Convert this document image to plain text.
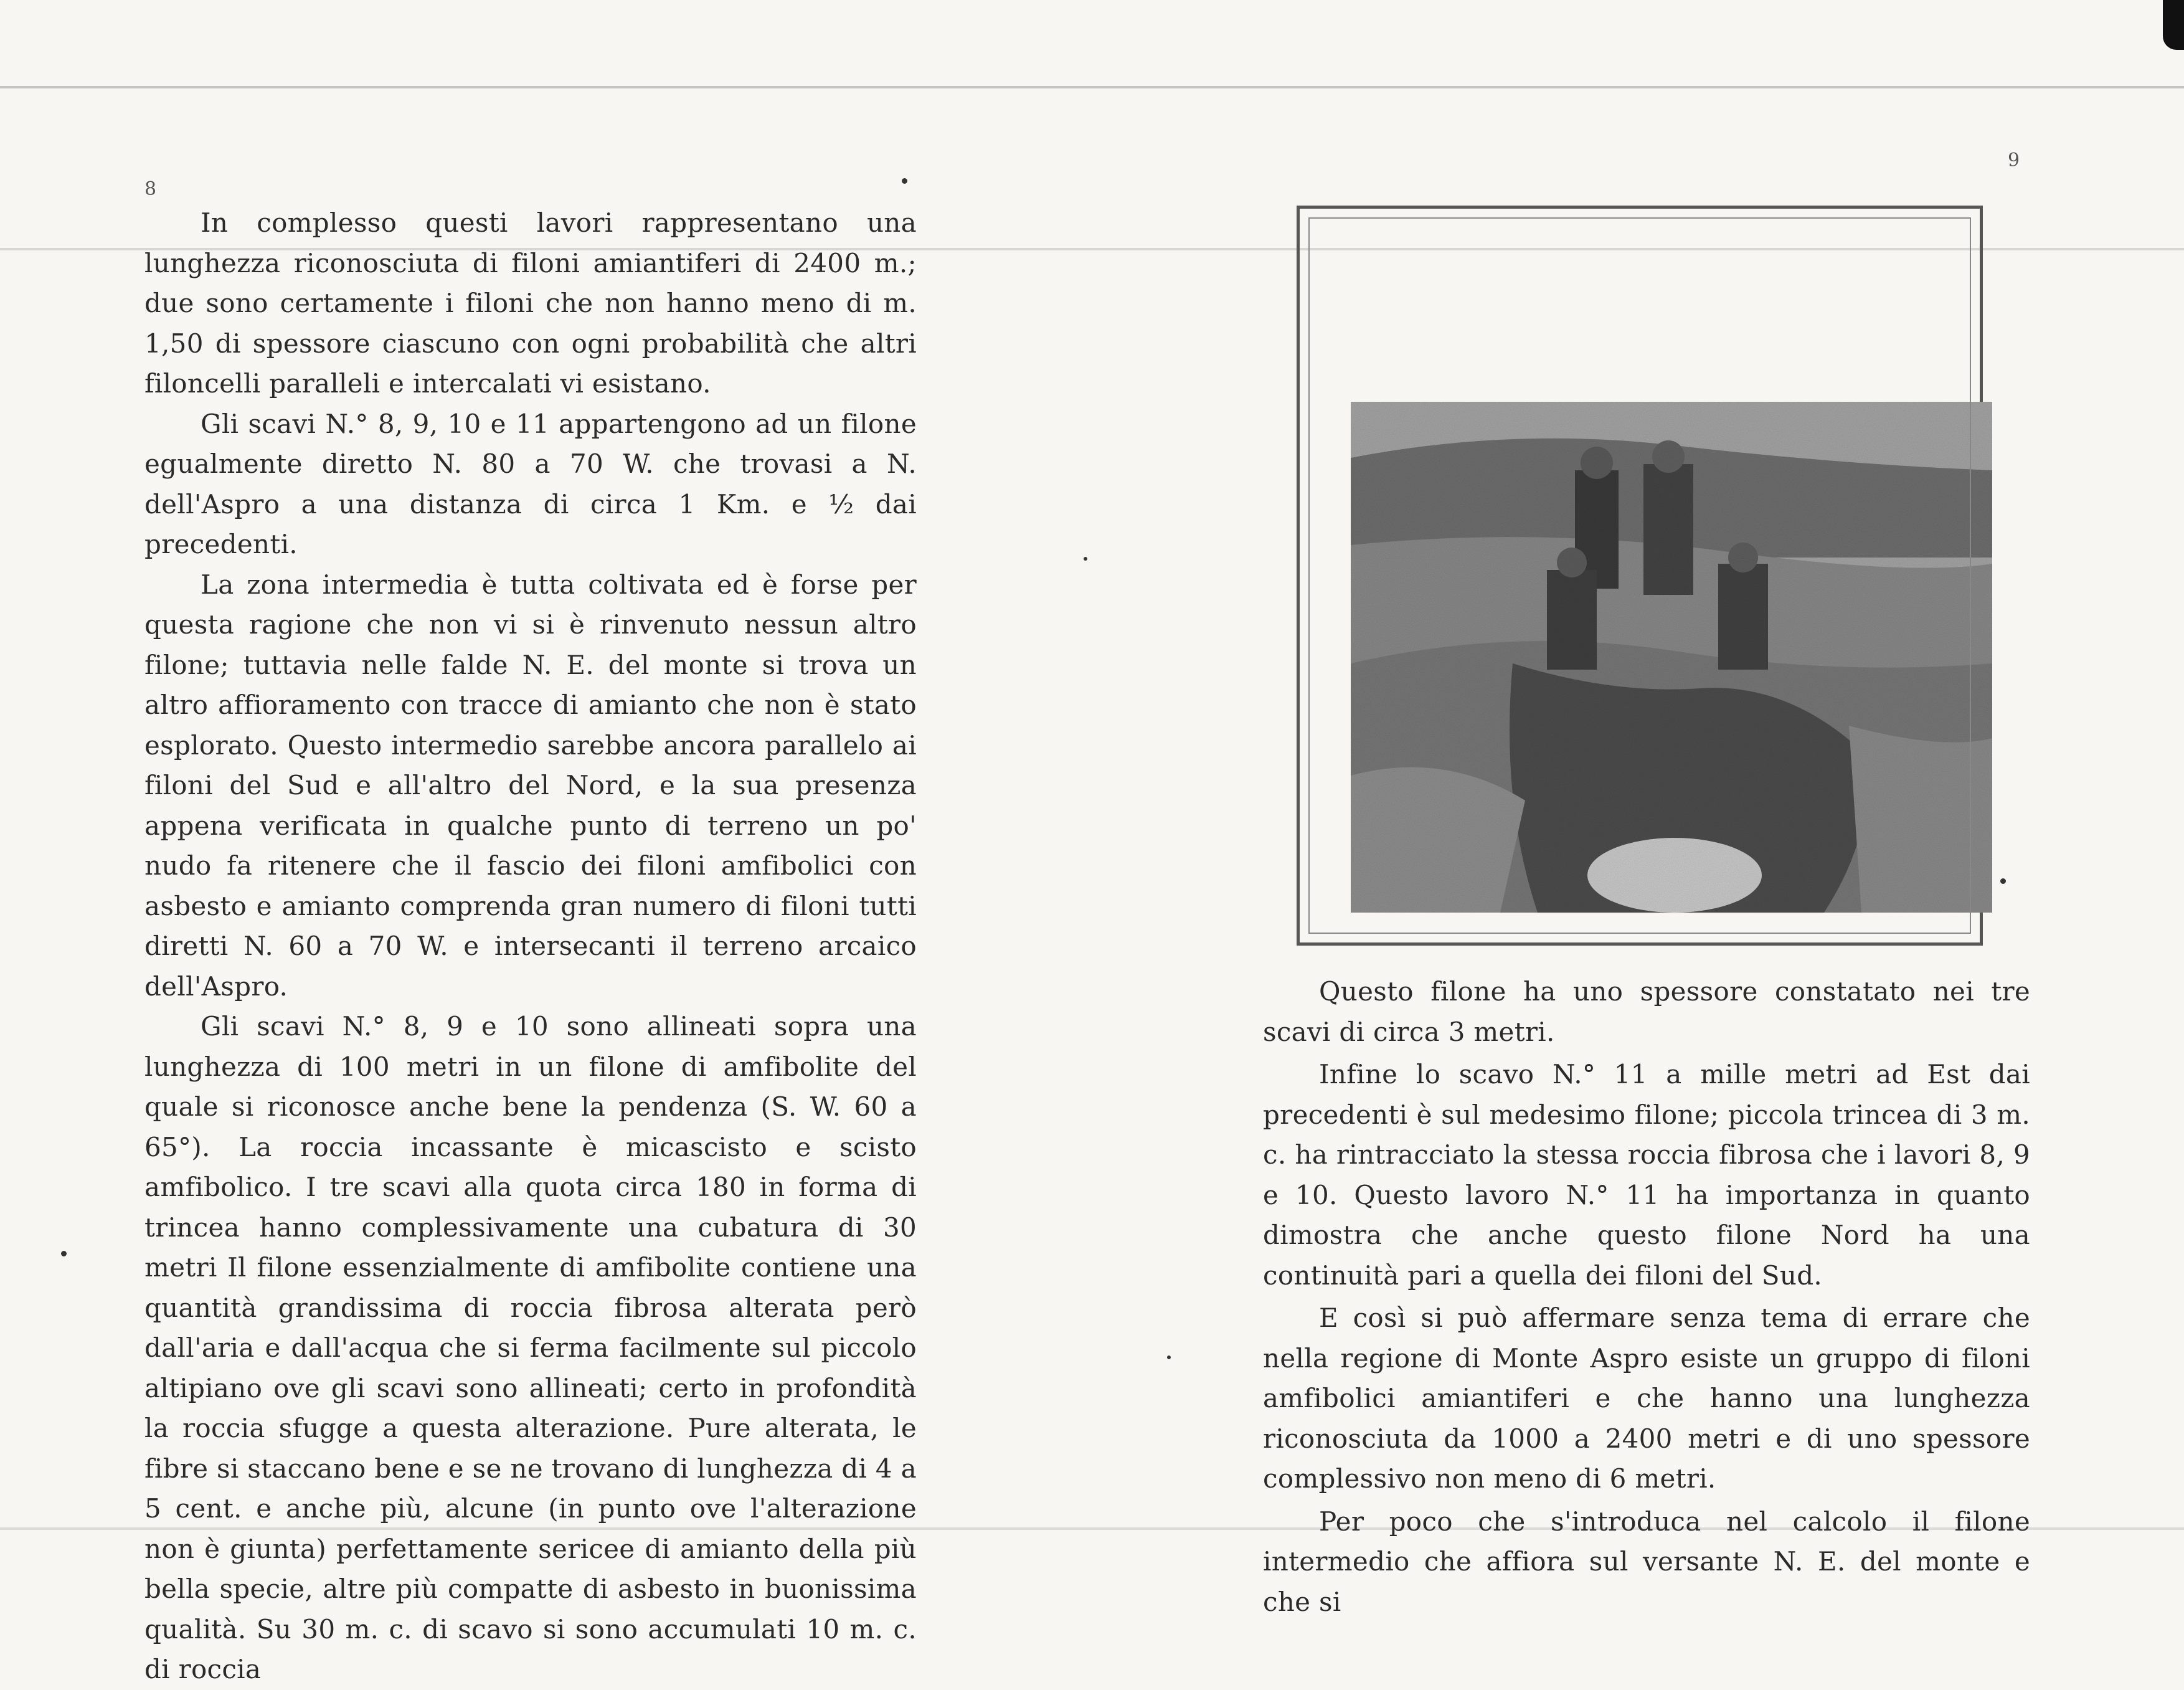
8

In complesso questi lavori rappresentano una lunghezza riconosciuta di filoni amiantiferi di 2400 m.; due sono certamente i filoni che non hanno meno di m. 1,50 di spessore ciascuno con ogni probabilità che altri filoncelli paralleli e intercalati vi esistano.

Gli scavi N.° 8, 9, 10 e 11 appartengono ad un filone egualmente diretto N. 80 a 70 W. che trovasi a N. dell'Aspro a una distanza di circa 1 Km. e ½ dai precedenti.

La zona intermedia è tutta coltivata ed è forse per questa ragione che non vi si è rinvenuto nessun altro filone; tuttavia nelle falde N. E. del monte si trova un altro affioramento con tracce di amianto che non è stato esplorato. Questo intermedio sarebbe ancora parallelo ai filoni del Sud e all'altro del Nord, e la sua presenza appena verificata in qualche punto di terreno un po' nudo fa ritenere che il fascio dei filoni amfibolici con asbesto e amianto comprenda gran numero di filoni tutti diretti N. 60 a 70 W. e intersecanti il terreno arcaico dell'Aspro.

Gli scavi N.° 8, 9 e 10 sono allineati sopra una lunghezza di 100 metri in un filone di amfibolite del quale si riconosce anche bene la pendenza (S. W. 60 a 65°). La roccia incassante è micascisto e scisto amfibolico. I tre scavi alla quota circa 180 in forma di trincea hanno complessivamente una cubatura di 30 metri Il filone essenzialmente di amfibolite contiene una quantità grandissima di roccia fibrosa alterata però dall'aria e dall'acqua che si ferma facilmente sul piccolo altipiano ove gli scavi sono allineati; certo in profondità la roccia sfugge a questa alterazione. Pure alterata, le fibre si staccano bene e se ne trovano di lunghezza di 4 a 5 cent. e anche più, alcune (in punto ove l'alterazione non è giunta) perfettamente sericee di amianto della più bella specie, altre più compatte di asbesto in buonissima qualità. Su 30 m. c. di scavo si sono accumulati 10 m. c. di roccia

9

Questo filone ha uno spessore constatato nei tre scavi di circa 3 metri.

Infine lo scavo N.° 11 a mille metri ad Est dai precedenti è sul medesimo filone; piccola trincea di 3 m. c. ha rintracciato la stessa roccia fibrosa che i lavori 8, 9 e 10. Questo lavoro N.° 11 ha importanza in quanto dimostra che anche questo filone Nord ha una continuità pari a quella dei filoni del Sud.

E così si può affermare senza tema di errare che nella regione di Monte Aspro esiste un gruppo di filoni amfibolici amiantiferi e che hanno una lunghezza riconosciuta da 1000 a 2400 metri e di uno spessore complessivo non meno di 6 metri.

Per poco che s'introduca nel calcolo il filone intermedio che affiora sul versante N. E. del monte e che si
